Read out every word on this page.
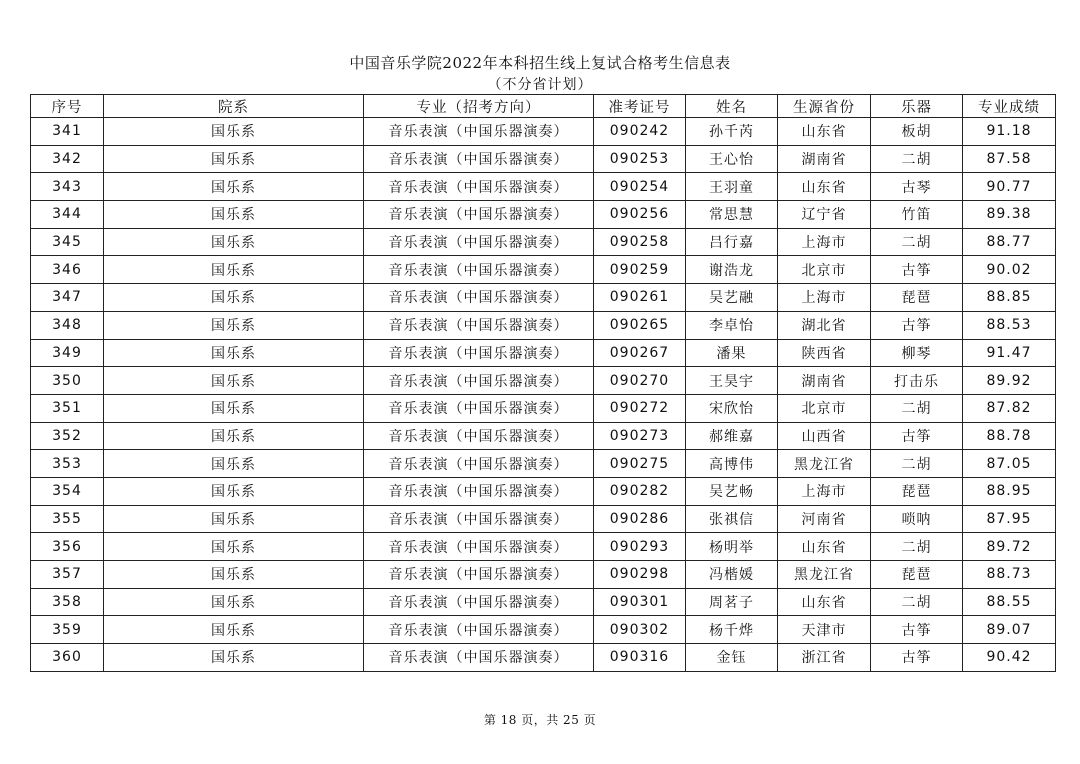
中国音乐学院2022年本科招生线上复试合格考生信息表
（不分省计划）
序号	院系	专业（招考方向）	准考证号	姓名	生源省份	乐器	专业成绩
341	国乐系	音乐表演（中国乐器演奏）	090242	孙千芮	山东省	板胡	91.18
342	国乐系	音乐表演（中国乐器演奏）	090253	王心怡	湖南省	二胡	87.58
343	国乐系	音乐表演（中国乐器演奏）	090254	王羽童	山东省	古琴	90.77
344	国乐系	音乐表演（中国乐器演奏）	090256	常思慧	辽宁省	竹笛	89.38
345	国乐系	音乐表演（中国乐器演奏）	090258	吕行嘉	上海市	二胡	88.77
346	国乐系	音乐表演（中国乐器演奏）	090259	谢浩龙	北京市	古筝	90.02
347	国乐系	音乐表演（中国乐器演奏）	090261	吴艺融	上海市	琵琶	88.85
348	国乐系	音乐表演（中国乐器演奏）	090265	李卓怡	湖北省	古筝	88.53
349	国乐系	音乐表演（中国乐器演奏）	090267	潘果	陕西省	柳琴	91.47
350	国乐系	音乐表演（中国乐器演奏）	090270	王昊宇	湖南省	打击乐	89.92
351	国乐系	音乐表演（中国乐器演奏）	090272	宋欣怡	北京市	二胡	87.82
352	国乐系	音乐表演（中国乐器演奏）	090273	郝维嘉	山西省	古筝	88.78
353	国乐系	音乐表演（中国乐器演奏）	090275	高博伟	黑龙江省	二胡	87.05
354	国乐系	音乐表演（中国乐器演奏）	090282	吴艺畅	上海市	琵琶	88.95
355	国乐系	音乐表演（中国乐器演奏）	090286	张祺信	河南省	唢呐	87.95
356	国乐系	音乐表演（中国乐器演奏）	090293	杨明举	山东省	二胡	89.72
357	国乐系	音乐表演（中国乐器演奏）	090298	冯楷媛	黑龙江省	琵琶	88.73
358	国乐系	音乐表演（中国乐器演奏）	090301	周茗子	山东省	二胡	88.55
359	国乐系	音乐表演（中国乐器演奏）	090302	杨千烨	天津市	古筝	89.07
360	国乐系	音乐表演（中国乐器演奏）	090316	金钰	浙江省	古筝	90.42
第 18 页，共 25 页
